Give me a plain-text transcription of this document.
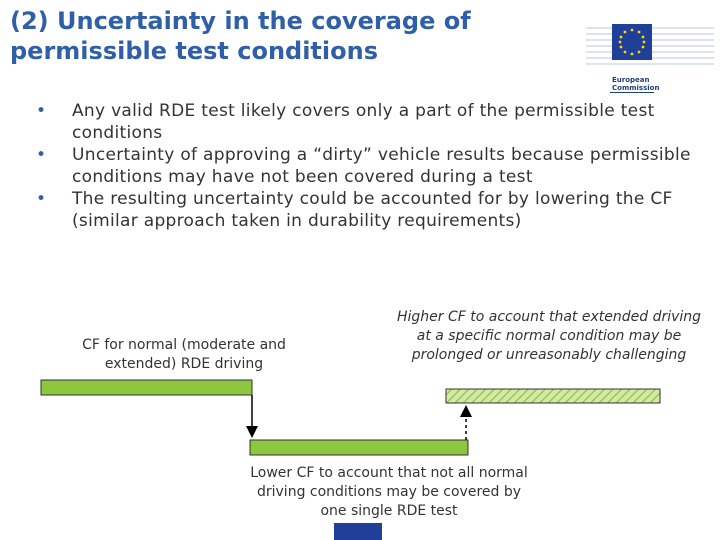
(2) Uncertainty in the coverage of permissible test conditions
European
Commission
• Any valid RDE test likely covers only a part of the permissible test conditions
• Uncertainty of approving a “dirty” vehicle results because permissible conditions may have not been covered during a test
• The resulting uncertainty could be accounted for by lowering the CF (similar approach taken in durability requirements)
CF for normal (moderate and extended) RDE driving
Higher CF to account that extended driving at a specific normal condition may be prolonged or unreasonably challenging
Lower CF to account that not all normal driving conditions may be covered by one single RDE test
